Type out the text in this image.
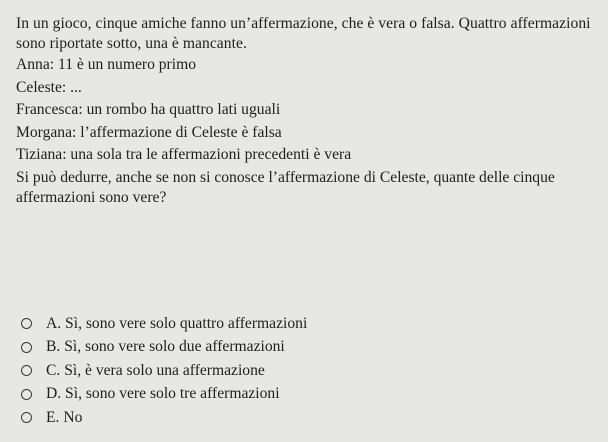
In un gioco, cinque amiche fanno un’affermazione, che è vera o falsa. Quattro affermazioni sono riportate sotto, una è mancante.

Anna: 11 è un numero primo

Celeste: ...

Francesca: un rombo ha quattro lati uguali

Morgana: l’affermazione di Celeste è falsa

Tiziana: una sola tra le affermazioni precedenti è vera

Si può dedurre, anche se non si conosce l’affermazione di Celeste, quante delle cinque affermazioni sono vere?

A. Sì, sono vere solo quattro affermazioni
B. Sì, sono vere solo due affermazioni
C. Sì, è vera solo una affermazione
D. Sì, sono vere solo tre affermazioni
E. No
